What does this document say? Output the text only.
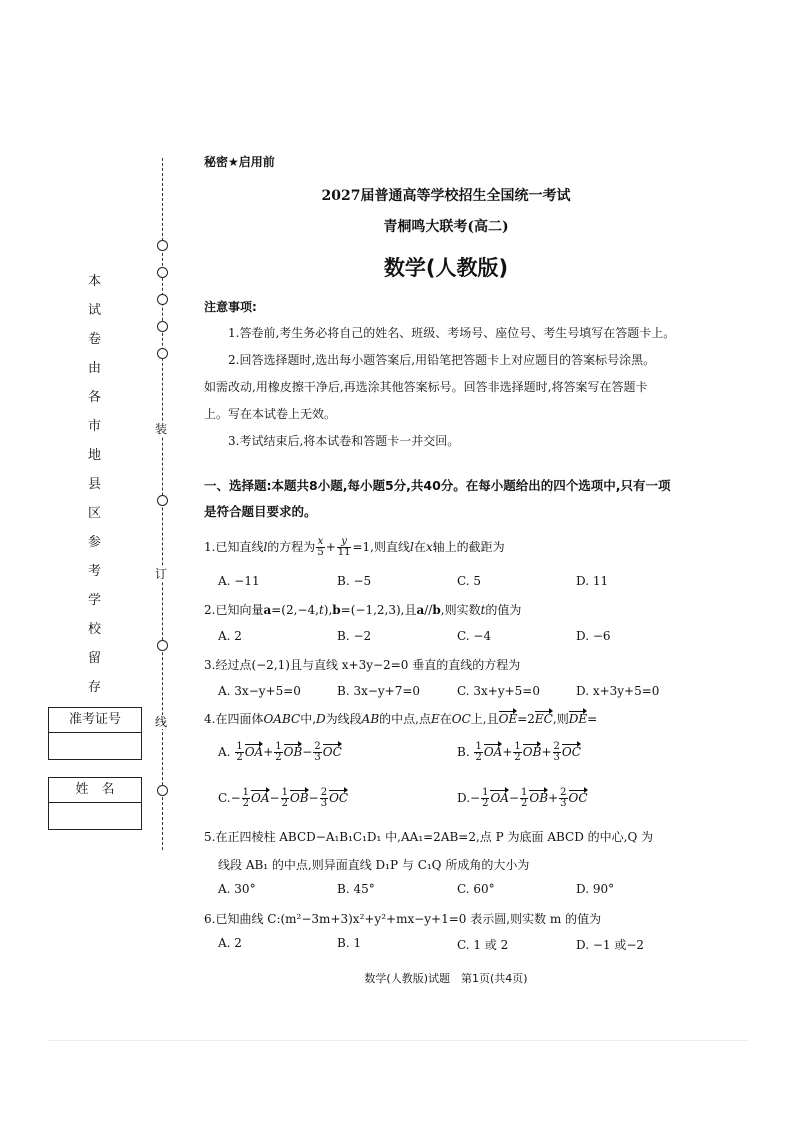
装
订
线
本
试
卷
由
各
市
地
县
区
参
考
学
校
留
存
准考证号
姓　名
秘密★启用前
2027届普通高等学校招生全国统一考试
青桐鸣大联考(高二)
数学(人教版)
注意事项:
1.答卷前,考生务必将自己的姓名、班级、考场号、座位号、考生号填写在答题卡上。
2.回答选择题时,选出每小题答案后,用铅笔把答题卡上对应题目的答案标号涂黑。
如需改动,用橡皮擦干净后,再选涂其他答案标号。回答非选择题时,将答案写在答题卡
上。写在本试卷上无效。
3.考试结束后,将本试卷和答题卡一并交回。
一、选择题:本题共8小题,每小题5分,共40分。在每小题给出的四个选项中,只有一项
是符合题目要求的。
1.已知直线l的方程为 $\frac{x}{5} + \frac{y}{11} =1$,则直线l在x轴上的截距为
A. −11	B. −5	C. 5	D. 11
2.已知向量a=(2,−4,t),b=(−1,2,3),且a//b,则实数t的值为
A. 2	B. −2	C. −4	D. −6
3.经过点(−2,1)且与直线 x+3y−2=0 垂直的直线的方程为
A. 3x−y+5=0	B. 3x−y+7=0	C. 3x+y+5=0	D. x+3y+5=0
4.在四面体OABC中,D为线段AB的中点,点E在OC上,且OE=2EC,则DE=
A. $\frac{1}{2} OA+ \frac{1}{2} OB- \frac{2}{3}$ OC	B. $\frac{1}{2} OA+ \frac{1}{2} OB+ \frac{2}{3}$ OC
$C.- \frac{1}{2} OA- \frac{1}{2} OB- \frac{2}{3}$ OC	$D.- \frac{1}{2} OA- \frac{1}{2} OB+ \frac{2}{3}$ OC
5.在正四棱柱 ABCD−A₁B₁C₁D₁ 中,AA₁=2AB=2,点 P 为底面 ABCD 的中心,Q 为
线段 AB₁ 的中点,则异面直线 D₁P 与 C₁Q 所成角的大小为
A. 30°	B. 45°	C. 60°	D. 90°
6.已知曲线 C:(m²−3m+3)x²+y²+mx−y+1=0 表示圆,则实数 m 的值为
A. 2	B. 1	C. 1 或 2	D. −1 或−2
数学(人教版)试题　第1页(共4页)
